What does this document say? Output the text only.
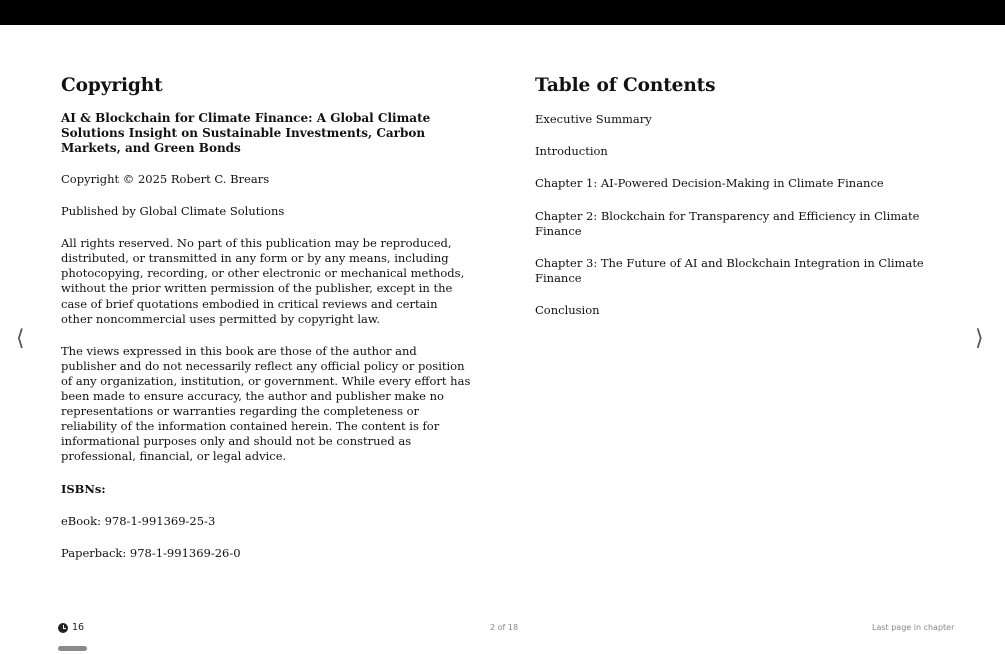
Copyright

AI & Blockchain for Climate Finance: A Global Climate Solutions Insight on Sustainable Investments, Carbon Markets, and Green Bonds

Copyright © 2025 Robert C. Brears

Published by Global Climate Solutions

All rights reserved. No part of this publication may be reproduced, distributed, or transmitted in any form or by any means, including photocopying, recording, or other electronic or mechanical methods, without the prior written permission of the publisher, except in the case of brief quotations embodied in critical reviews and certain other noncommercial uses permitted by copyright law.

The views expressed in this book are those of the author and publisher and do not necessarily reflect any official policy or position of any organization, institution, or government. While every effort has been made to ensure accuracy, the author and publisher make no representations or warranties regarding the completeness or reliability of the information contained herein. The content is for informational purposes only and should not be construed as professional, financial, or legal advice.

ISBNs:

eBook: 978-1-991369-25-3

Paperback: 978-1-991369-26-0

Table of Contents
Executive Summary
Introduction
Chapter 1: AI-Powered Decision-Making in Climate Finance
Chapter 2: Blockchain for Transparency and Efficiency in Climate Finance
Chapter 3: The Future of AI and Blockchain Integration in Climate Finance
Conclusion
⟨	⟩
16	2 of 18	Last page in chapter
